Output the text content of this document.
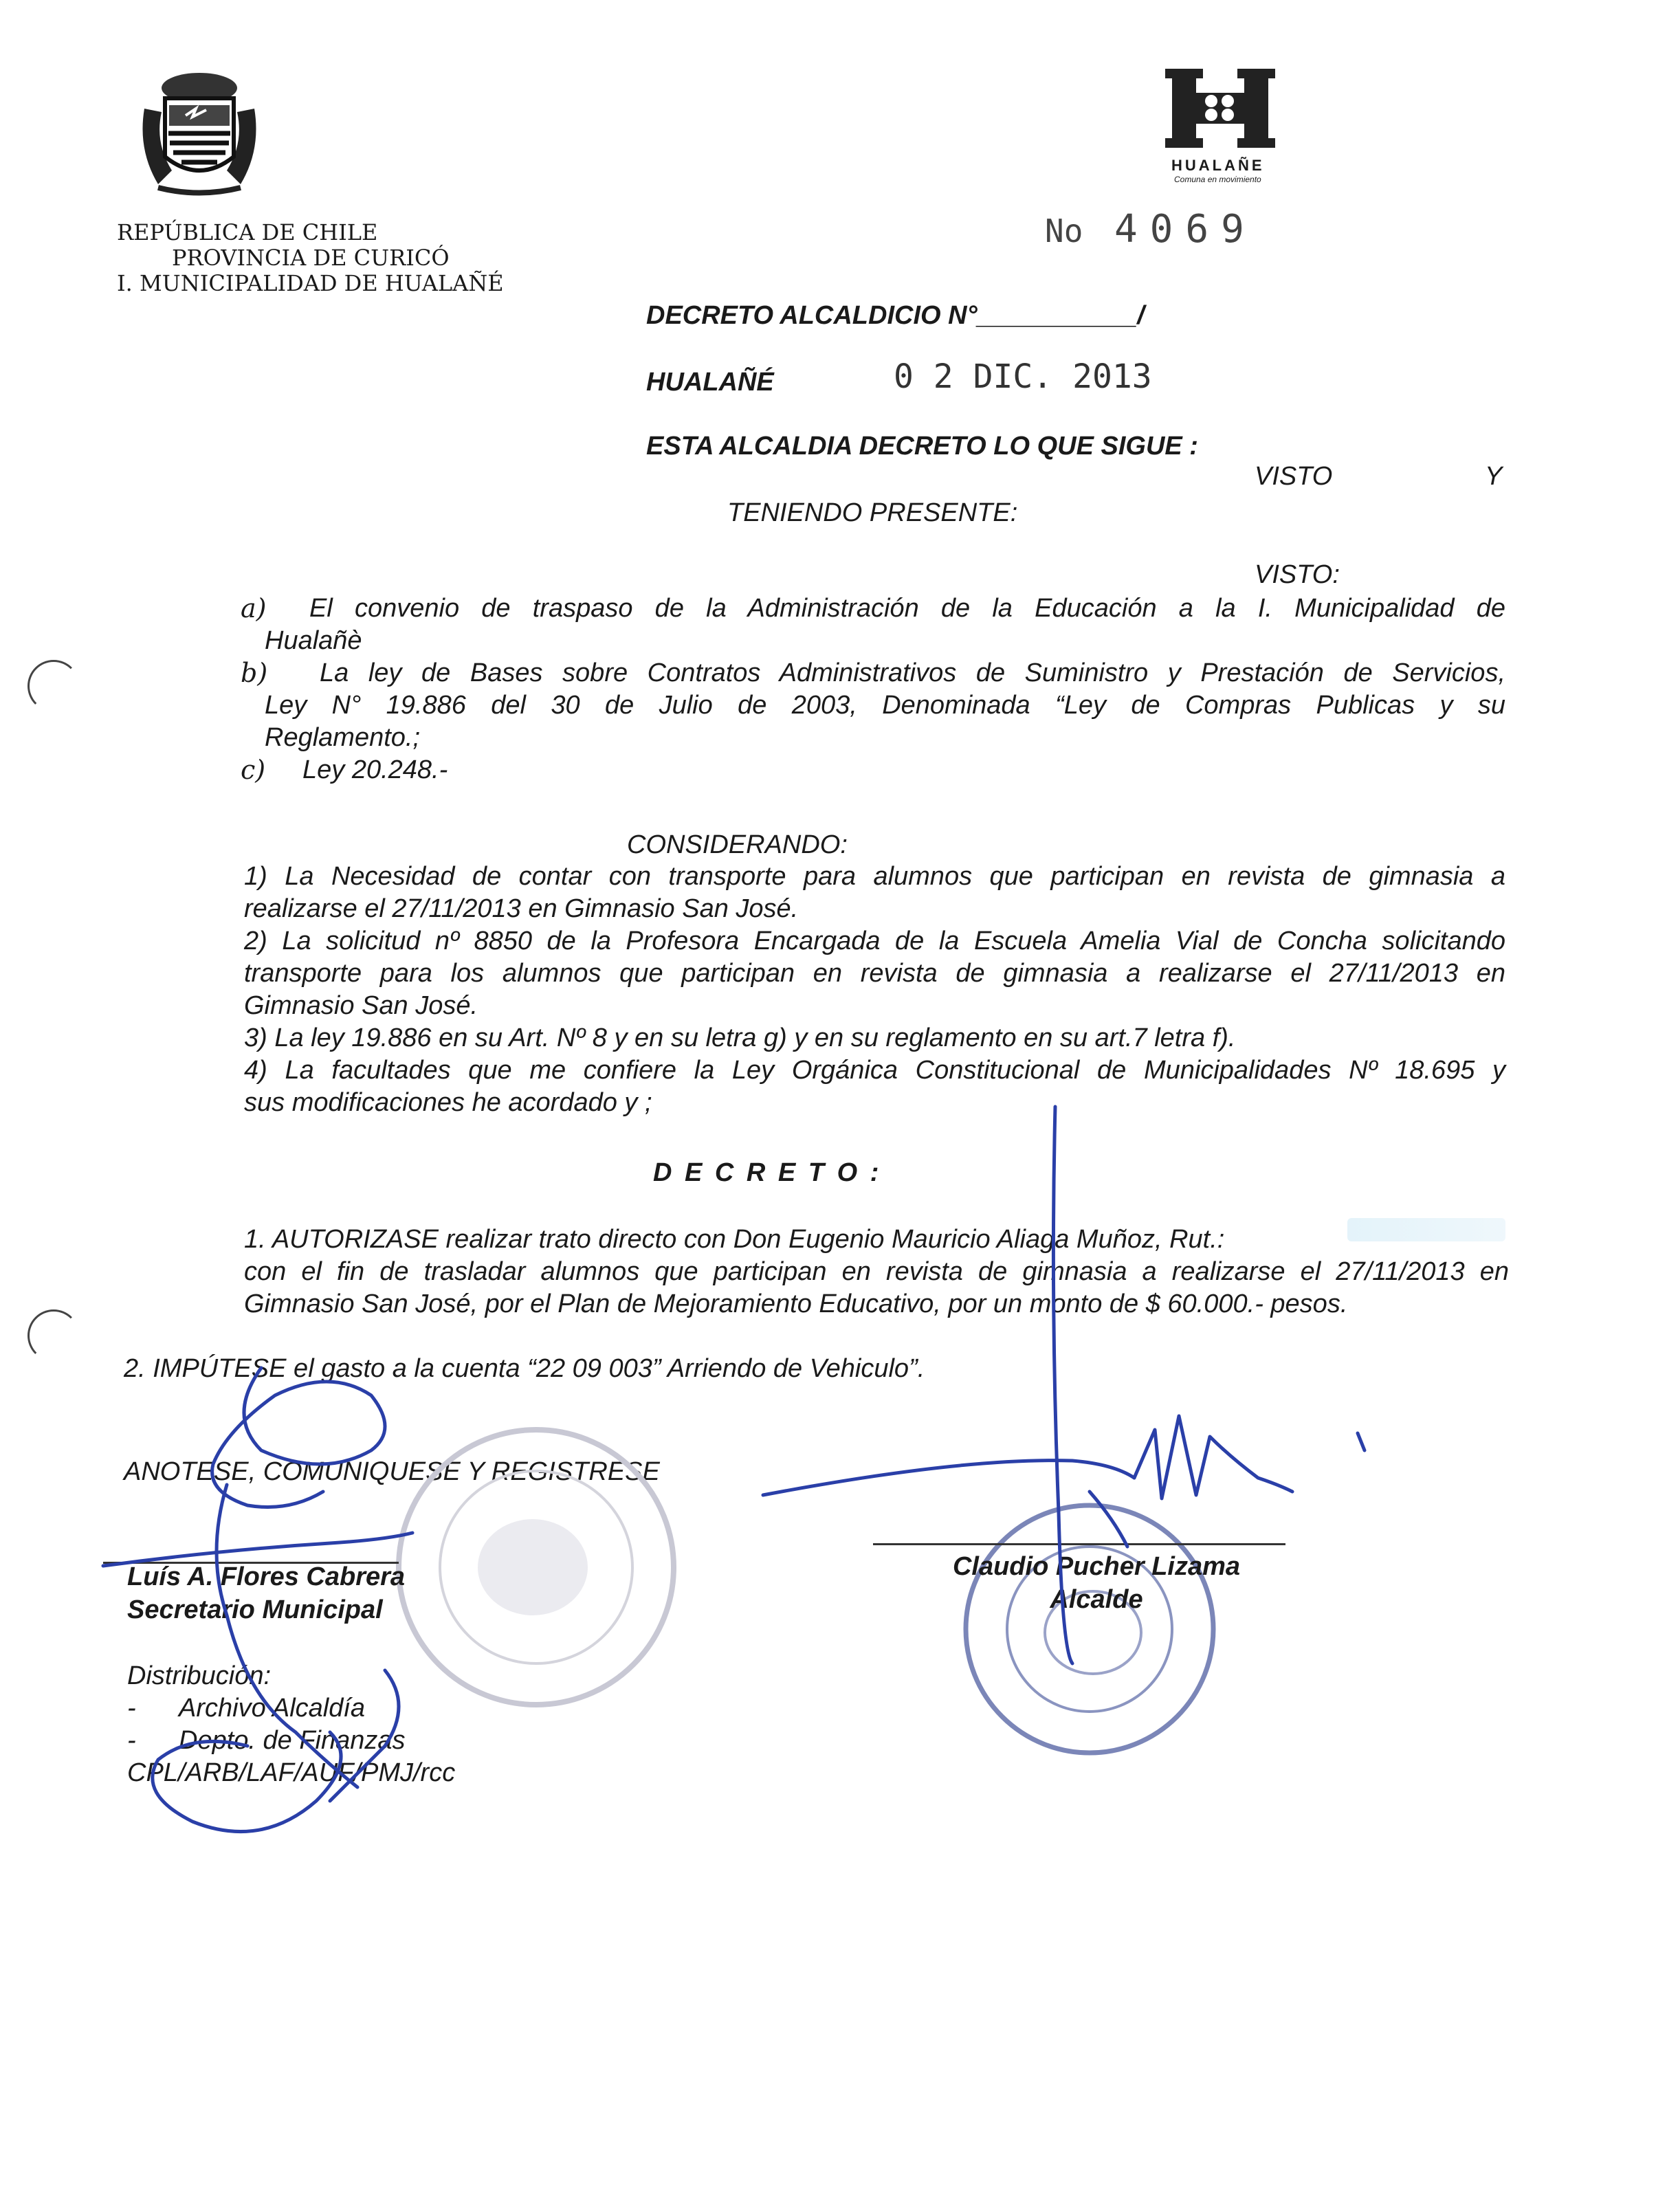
HUALAÑE
Comuna en movimiento
REPÚBLICA DE CHILE
PROVINCIA DE CURICÓ
I. MUNICIPALIDAD DE HUALAÑÉ
No 4069
DECRETO ALCALDICIO N°___________/
HUALAÑÉ	0 2 DIC. 2013
ESTA ALCALDIA DECRETO LO QUE SIGUE :
VISTO	Y
TENIENDO PRESENTE:
VISTO:
a)	El convenio de traspaso de la Administración de la Educación a la I. Municipalidad de
Hualañè
b)	La ley de Bases sobre Contratos Administrativos de Suministro y Prestación de Servicios,
Ley N° 19.886 del 30 de Julio de 2003, Denominada “Ley de Compras Publicas y su
Reglamento.;
c)	Ley 20.248.-
CONSIDERANDO:
1) La Necesidad de contar con transporte para alumnos que participan en revista de gimnasia a
realizarse el 27/11/2013 en Gimnasio San José.
2) La solicitud nº 8850 de la Profesora Encargada de la Escuela Amelia Vial de Concha solicitando
transporte para los alumnos que participan en revista de gimnasia a realizarse el 27/11/2013 en
Gimnasio San José.
3) La ley 19.886 en su Art. Nº 8 y en su letra g) y en su reglamento en su art.7 letra f).
4) La facultades que me confiere la Ley Orgánica Constitucional de Municipalidades Nº 18.695 y
sus modificaciones he acordado y ;
D E C R E T O :
1. AUTORIZASE realizar trato directo con Don Eugenio Mauricio Aliaga Muñoz, Rut.:
con el fin de trasladar alumnos que participan en revista de gimnasia a realizarse el 27/11/2013 en
Gimnasio San José, por el Plan de Mejoramiento Educativo, por un monto de $ 60.000.- pesos.
2. IMPÚTESE el gasto a la cuenta “22 09 003” Arriendo de Vehiculo”.
ANOTESE, COMUNIQUESE Y REGISTRESE
Luís A. Flores Cabrera
Secretario Municipal
Claudio Pucher Lizama
Alcalde
Distribución:
-	Archivo Alcaldía
-	Depto. de Finanzas
CPL/ARB/LAF/AUF/PMJ/rcc
